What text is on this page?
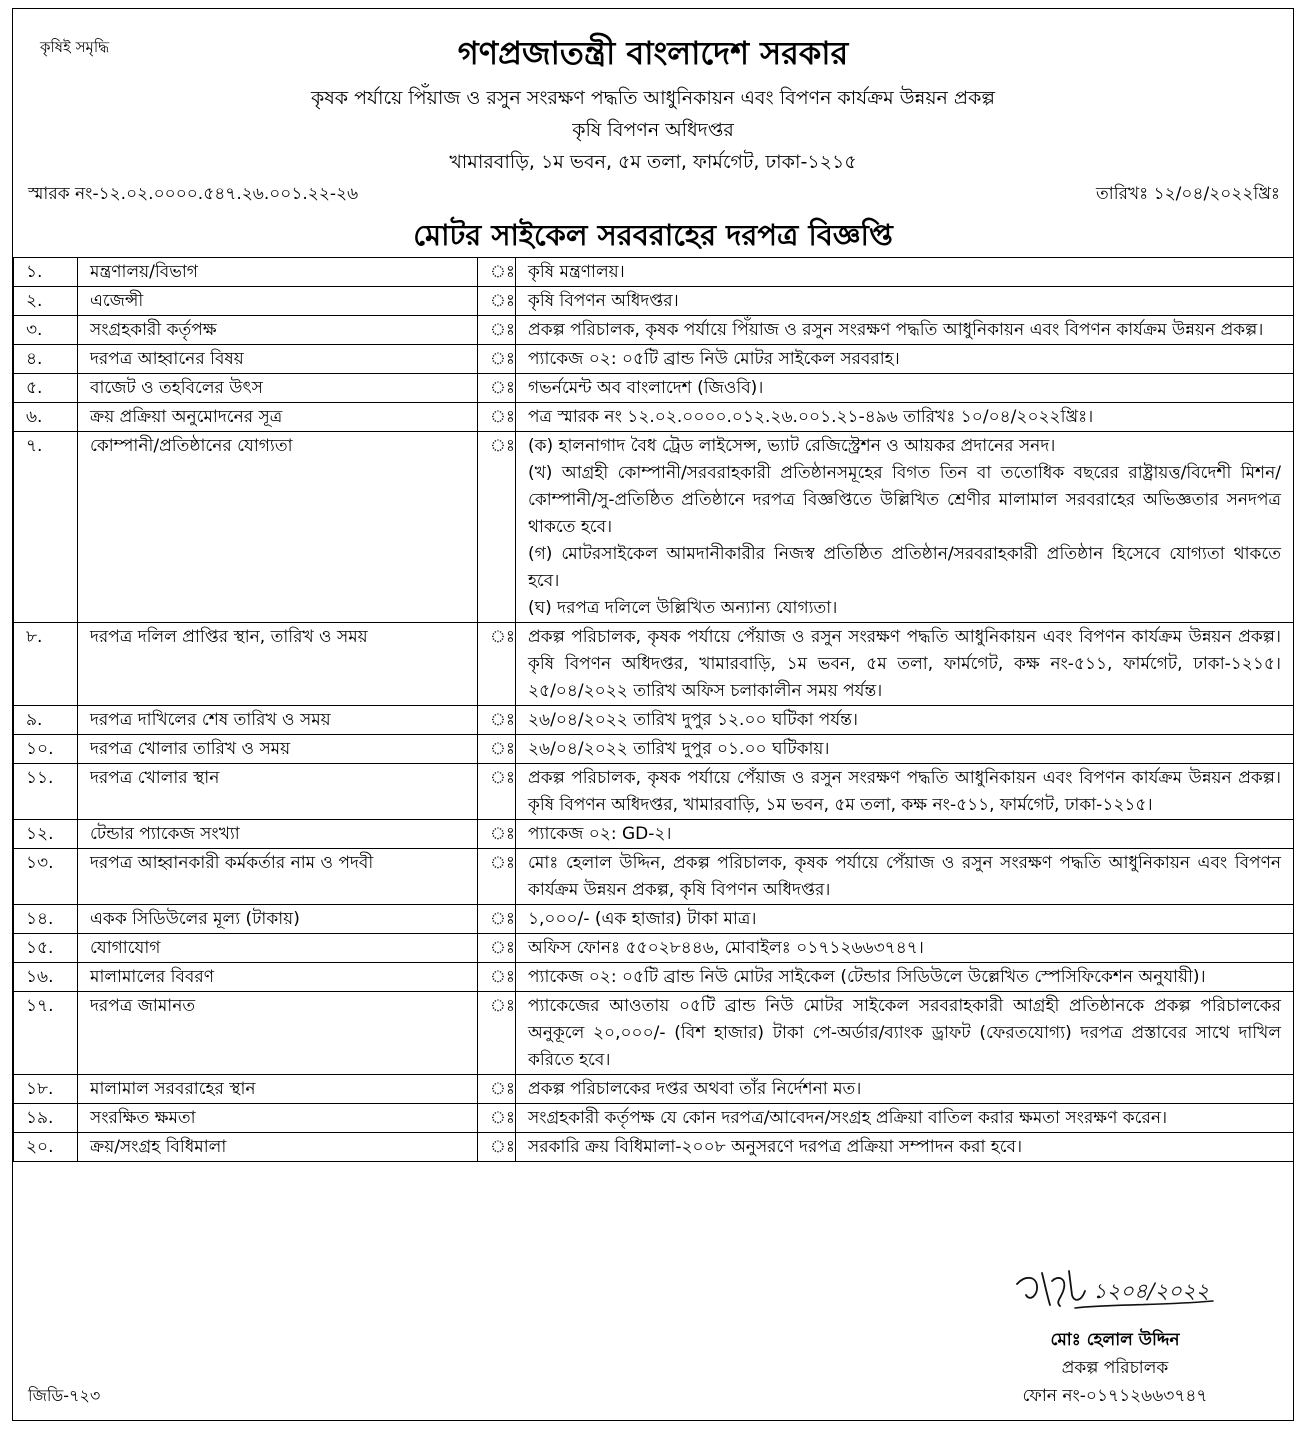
কৃষিই সমৃদ্ধি	গণপ্রজাতন্ত্রী বাংলাদেশ সরকার
কৃষক পর্যায়ে পিঁয়াজ ও রসুন সংরক্ষণ পদ্ধতি আধুনিকায়ন এবং বিপণন কার্যক্রম উন্নয়ন প্রকল্প
কৃষি বিপণন অধিদপ্তর
খামারবাড়ি, ১ম ভবন, ৫ম তলা, ফার্মগেট, ঢাকা-১২১৫
স্মারক নং-১২.০২.০০০০.৫৪৭.২৬.০০১.২২-২৬	তারিখঃ ১২/০৪/২০২২খ্রিঃ
মোটর সাইকেল সরবরাহের দরপত্র বিজ্ঞপ্তি
১.	মন্ত্রণালয়/বিভাগ	ঃ	কৃষি মন্ত্রণালয়।

২.	এজেন্সী	ঃ	কৃষি বিপণন অধিদপ্তর।

৩.	সংগ্রহকারী কর্তৃপক্ষ	ঃ	প্রকল্প পরিচালক, কৃষক পর্যায়ে পিঁয়াজ ও রসুন সংরক্ষণ পদ্ধতি আধুনিকায়ন এবং বিপণন কার্যক্রম উন্নয়ন প্রকল্প।

৪.	দরপত্র আহ্বানের বিষয়	ঃ	প্যাকেজ ০২: ০৫টি ব্রান্ড নিউ মোটর সাইকেল সরবরাহ।

৫.	বাজেট ও তহবিলের উৎস	ঃ	গভর্নমেন্ট অব বাংলাদেশ (জিওবি)।

৬.	ক্রয় প্রক্রিয়া অনুমোদনের সূত্র	ঃ	পত্র স্মারক নং ১২.০২.০০০০.০১২.২৬.০০১.২১-৪৯৬ তারিখঃ ১০/০৪/২০২২খ্রিঃ।

৭.	কোম্পানী/প্রতিষ্ঠানের যোগ্যতা	ঃ	(ক) হালনাগাদ বৈধ ট্রেড লাইসেন্স, ভ্যাট রেজিস্ট্রেশন ও আয়কর প্রদানের সনদ।

(খ) আগ্রহী কোম্পানী/সরবরাহকারী প্রতিষ্ঠানসমূহের বিগত তিন বা ততোধিক বছরের রাষ্ট্রায়ত্ত/বিদেশী মিশন/কোম্পানী/সু-প্রতিষ্ঠিত প্রতিষ্ঠানে দরপত্র বিজ্ঞপ্তিতে উল্লিখিত শ্রেণীর মালামাল সরবরাহের অভিজ্ঞতার সনদপত্র থাকতে হবে।

(গ) মোটরসাইকেল আমদানীকারীর নিজস্ব প্রতিষ্ঠিত প্রতিষ্ঠান/সরবরাহকারী প্রতিষ্ঠান হিসেবে যোগ্যতা থাকতে হবে।

(ঘ) দরপত্র দলিলে উল্লিখিত অন্যান্য যোগ্যতা।

৮.	দরপত্র দলিল প্রাপ্তির স্থান, তারিখ ও সময়	ঃ	প্রকল্প পরিচালক, কৃষক পর্যায়ে পেঁয়াজ ও রসুন সংরক্ষণ পদ্ধতি আধুনিকায়ন এবং বিপণন কার্যক্রম উন্নয়ন প্রকল্প। কৃষি বিপণন অধিদপ্তর, খামারবাড়ি, ১ম ভবন, ৫ম তলা, ফার্মগেট, কক্ষ নং-৫১১, ফার্মগেট, ঢাকা-১২১৫। ২৫/০৪/২০২২ তারিখ অফিস চলাকালীন সময় পর্যন্ত।

৯.	দরপত্র দাখিলের শেষ তারিখ ও সময়	ঃ	২৬/০৪/২০২২ তারিখ দুপুর ১২.০০ ঘটিকা পর্যন্ত।

১০.	দরপত্র খোলার তারিখ ও সময়	ঃ	২৬/০৪/২০২২ তারিখ দুপুর ০১.০০ ঘটিকায়।

১১.	দরপত্র খোলার স্থান	ঃ	প্রকল্প পরিচালক, কৃষক পর্যায়ে পেঁয়াজ ও রসুন সংরক্ষণ পদ্ধতি আধুনিকায়ন এবং বিপণন কার্যক্রম উন্নয়ন প্রকল্প। কৃষি বিপণন অধিদপ্তর, খামারবাড়ি, ১ম ভবন, ৫ম তলা, কক্ষ নং-৫১১, ফার্মগেট, ঢাকা-১২১৫।

১২.	টেন্ডার প্যাকেজ সংখ্যা	ঃ	প্যাকেজ ০২: GD-২।

১৩.	দরপত্র আহ্বানকারী কর্মকর্তার নাম ও পদবী	ঃ	মোঃ হেলাল উদ্দিন, প্রকল্প পরিচালক, কৃষক পর্যায়ে পেঁয়াজ ও রসুন সংরক্ষণ পদ্ধতি আধুনিকায়ন এবং বিপণন কার্যক্রম উন্নয়ন প্রকল্প, কৃষি বিপণন অধিদপ্তর।

১৪.	একক সিডিউলের মূল্য (টাকায়)	ঃ	১,০০০/- (এক হাজার) টাকা মাত্র।

১৫.	যোগাযোগ	ঃ	অফিস ফোনঃ ৫৫০২৮৪৪৬, মোবাইলঃ ০১৭১২৬৬৩৭৪৭।

১৬.	মালামালের বিবরণ	ঃ	প্যাকেজ ০২: ০৫টি ব্রান্ড নিউ মোটর সাইকেল (টেন্ডার সিডিউলে উল্লেখিত স্পেসিফিকেশন অনুযায়ী)।

১৭.	দরপত্র জামানত	ঃ	প্যাকেজের আওতায় ০৫টি ব্রান্ড নিউ মোটর সাইকেল সরবরাহকারী আগ্রহী প্রতিষ্ঠানকে প্রকল্প পরিচালকের অনুকূলে ২০,০০০/- (বিশ হাজার) টাকা পে-অর্ডার/ব্যাংক ড্রাফট (ফেরতযোগ্য) দরপত্র প্রস্তাবের সাথে দাখিল করিতে হবে।

১৮.	মালামাল সরবরাহের স্থান	ঃ	প্রকল্প পরিচালকের দপ্তর অথবা তাঁর নির্দেশনা মত।

১৯.	সংরক্ষিত ক্ষমতা	ঃ	সংগ্রহকারী কর্তৃপক্ষ যে কোন দরপত্র/আবেদন/সংগ্রহ প্রক্রিয়া বাতিল করার ক্ষমতা সংরক্ষণ করেন।

২০.	ক্রয়/সংগ্রহ বিধিমালা	ঃ	সরকারি ক্রয় বিধিমালা-২০০৮ অনুসরণে দরপত্র প্রক্রিয়া সম্পাদন করা হবে।

১২০৪/২০২২
মোঃ হেলাল উদ্দিন
প্রকল্প পরিচালক
ফোন নং-০১৭১২৬৬৩৭৪৭
জিডি-৭২৩
